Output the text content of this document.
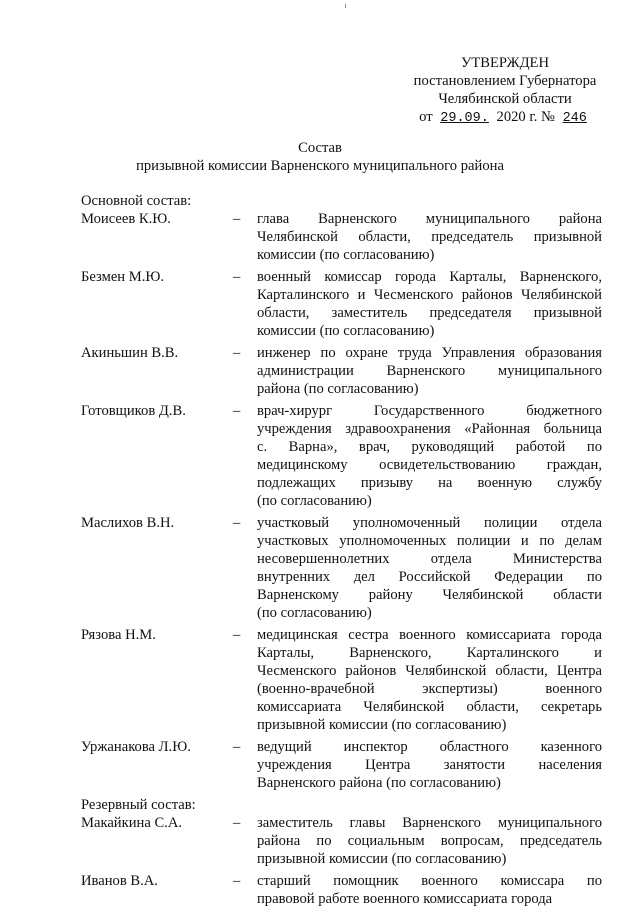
УТВЕРЖДЕН
постановлением Губернатора
Челябинской области
от 29.09. 2020 г. № 246
Состав
призывной комиссии Варненского муниципального района
Основной состав:
Моисеев К.Ю.	–	глава Варненского муниципального района
Челябинской области, председатель призывной
комиссии (по согласованию)
Безмен М.Ю.	–	военный комиссар города Карталы, Варненского,
Карталинского и Чесменского районов Челябинской
области, заместитель председателя призывной
комиссии (по согласованию)
Акиньшин В.В.	–	инженер по охране труда Управления образования
администрации Варненского муниципального
района (по согласованию)
Готовщиков Д.В.	–	врач-хирург Государственного бюджетного
учреждения здравоохранения «Районная больница
с. Варна», врач, руководящий работой по
медицинскому освидетельствованию граждан,
подлежащих призыву на военную службу
(по согласованию)
Маслихов В.Н.	–	участковый уполномоченный полиции отдела
участковых уполномоченных полиции и по делам
несовершеннолетних отдела Министерства
внутренних дел Российской Федерации по
Варненскому району Челябинской области
(по согласованию)
Рязова Н.М.	–	медицинская сестра военного комиссариата города
Карталы, Варненского, Карталинского и
Чесменского районов Челябинской области, Центра
(военно-врачебной экспертизы) военного
комиссариата Челябинской области, секретарь
призывной комиссии (по согласованию)
Уржанакова Л.Ю.	–	ведущий инспектор областного казенного
учреждения Центра занятости населения
Варненского района (по согласованию)
Резервный состав:
Макайкина С.А.	–	заместитель главы Варненского муниципального
района по социальным вопросам, председатель
призывной комиссии (по согласованию)
Иванов В.А.	–	старший помощник военного комиссара по
правовой работе военного комиссариата города
